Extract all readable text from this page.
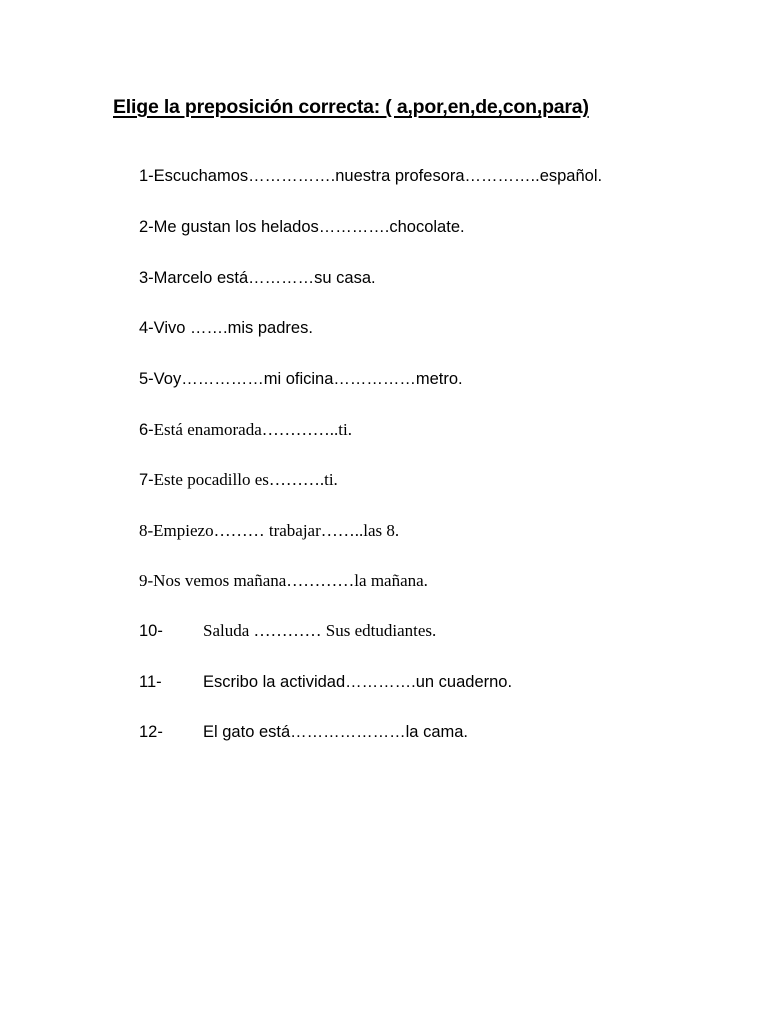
Elige la preposición correcta: ( a,por,en,de,con,para)
1-Escuchamos…………….nuestra profesora…………..español.
2-Me gustan los helados………….chocolate.
3-Marcelo está…………su casa.
4-Vivo …….mis padres.
5-Voy……………mi oficina……………metro.
6-Está enamorada…………..ti.
7-Este pocadillo es……….ti.
8-Empiezo……… trabajar……..las 8.
9-Nos vemos mañana…………la mañana.
10- Saluda ………… Sus edtudiantes.
11-	Escribo la actividad………….un cuaderno.
12- El gato está…………………la cama.
